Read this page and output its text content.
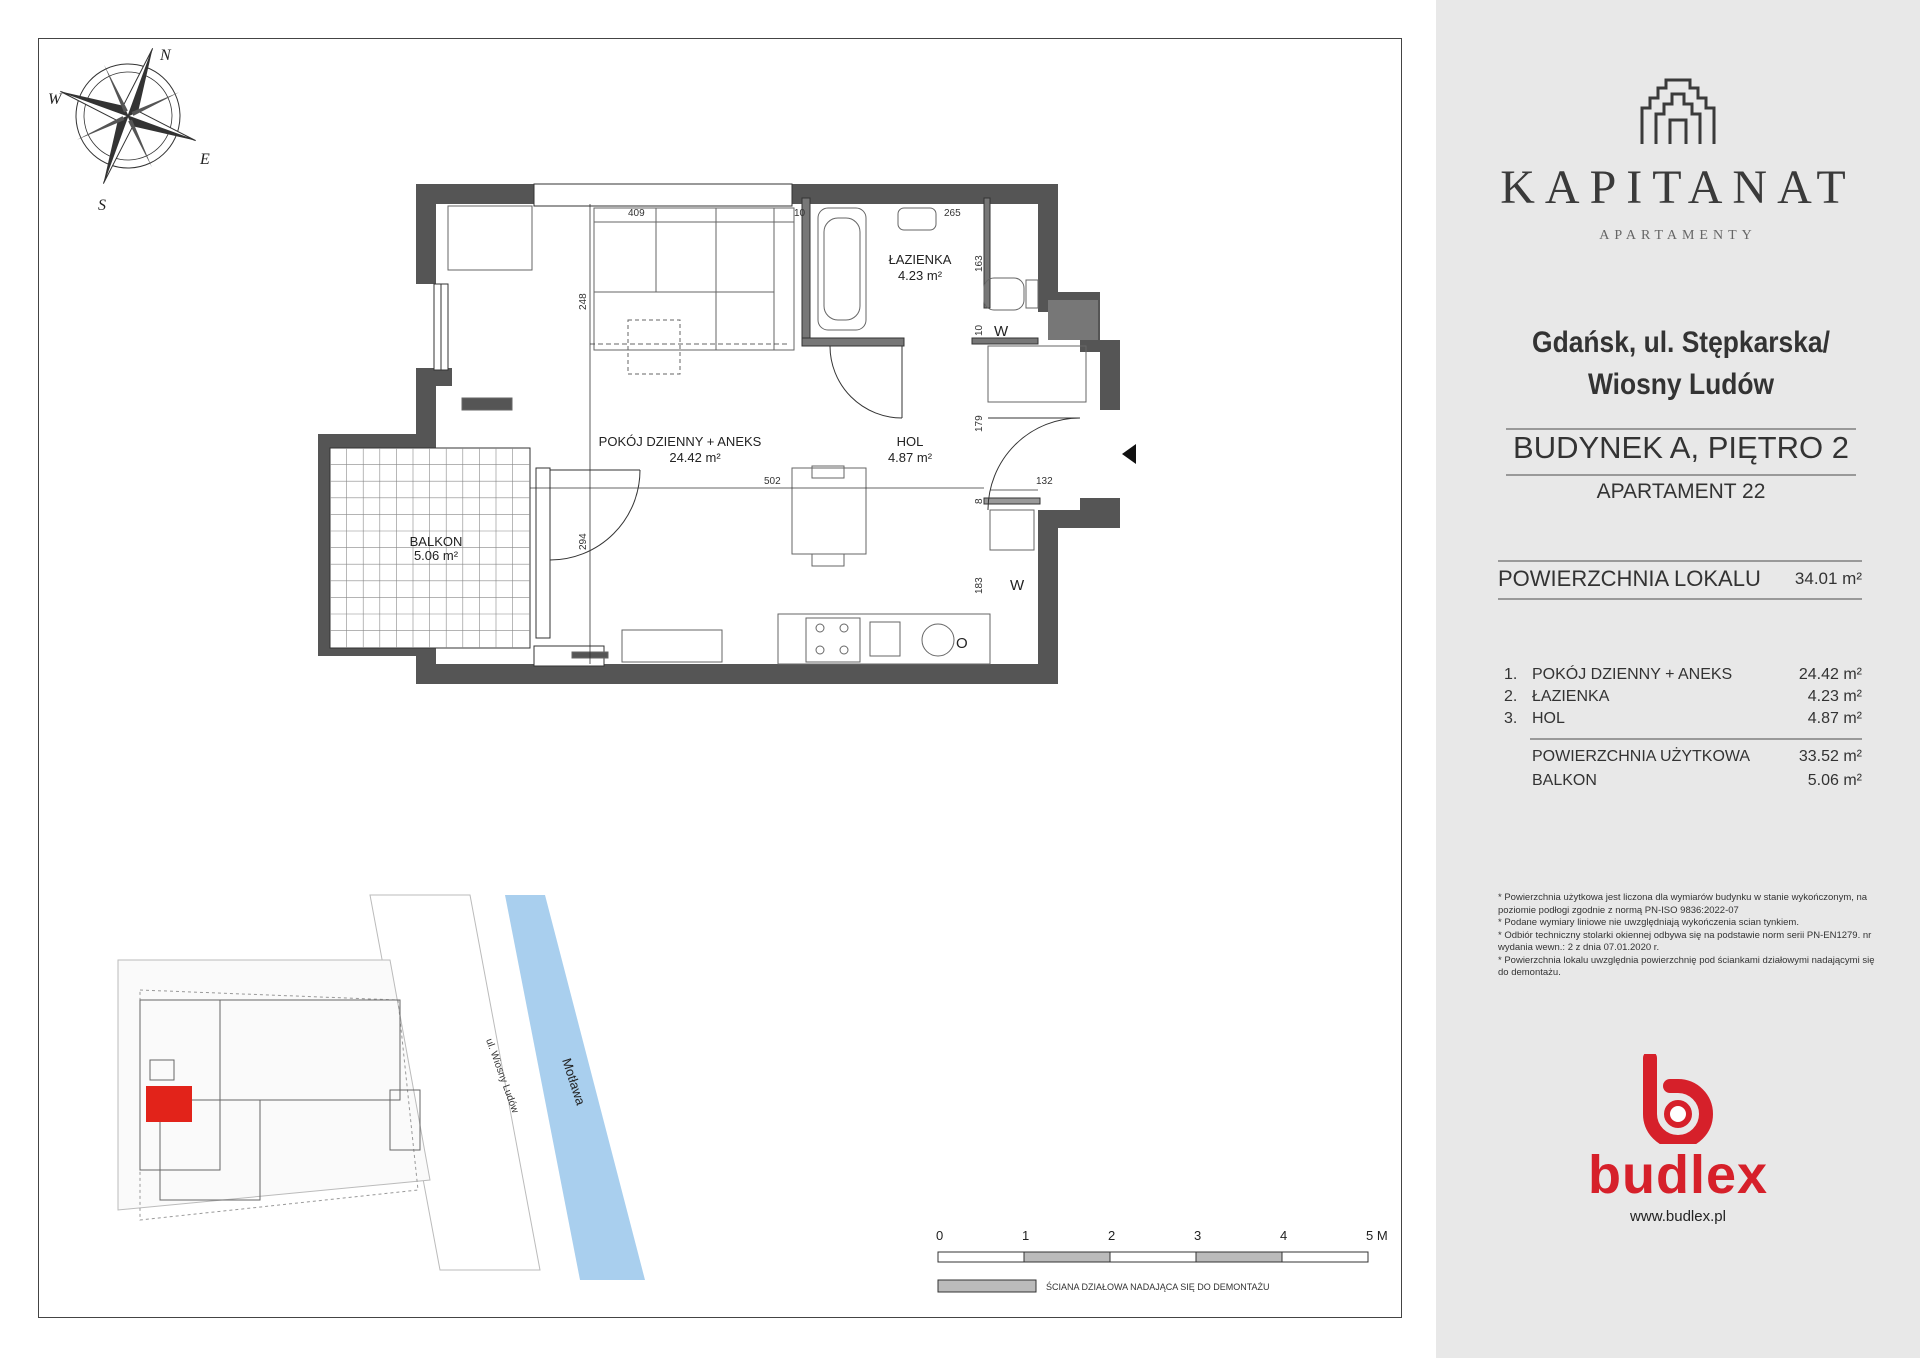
N
E
S
W
POKÓJ DZIENNY + ANEKS
24.42 m²
ŁAZIENKA
4.23 m²
HOL
4.87 m²
BALKON
5.06 m²
409	10	265
163
10
248
179
502	132
8
294
183
W
W
O
ul. Wiosny Ludów	Motława
0	1	2	3	4	5 M
ŚCIANA DZIAŁOWA NADAJĄCA SIĘ DO DEMONTAŻU
KAPITANAT
APARTAMENTY
Gdańsk, ul. Stępkarska/ Wiosny Ludów
BUDYNEK A, PIĘTRO 2
APARTAMENT 22
POWIERZCHNIA LOKALU 34.01 m²
1. POKÓJ DZIENNY + ANEKS	24.42 m²
2. ŁAZIENKA	4.23 m²
3. HOL	4.87 m²
POWIERZCHNIA UŻYTKOWA	33.52 m²
BALKON	5.06 m²
* Powierzchnia użytkowa jest liczona dla wymiarów budynku w stanie wykończonym, na poziomie podłogi zgodnie z normą PN-ISO 9836:2022-07
* Podane wymiary liniowe nie uwzględniają wykończenia scian tynkiem.
* Odbiór techniczny stolarki okiennej odbywa się na podstawie norm serii PN-EN1279. nr wydania wewn.: 2 z dnia 07.01.2020 r.
* Powierzchnia lokalu uwzględnia powierzchnię pod ściankami działowymi nadającymi się do demontażu.
budlex
www.budlex.pl
